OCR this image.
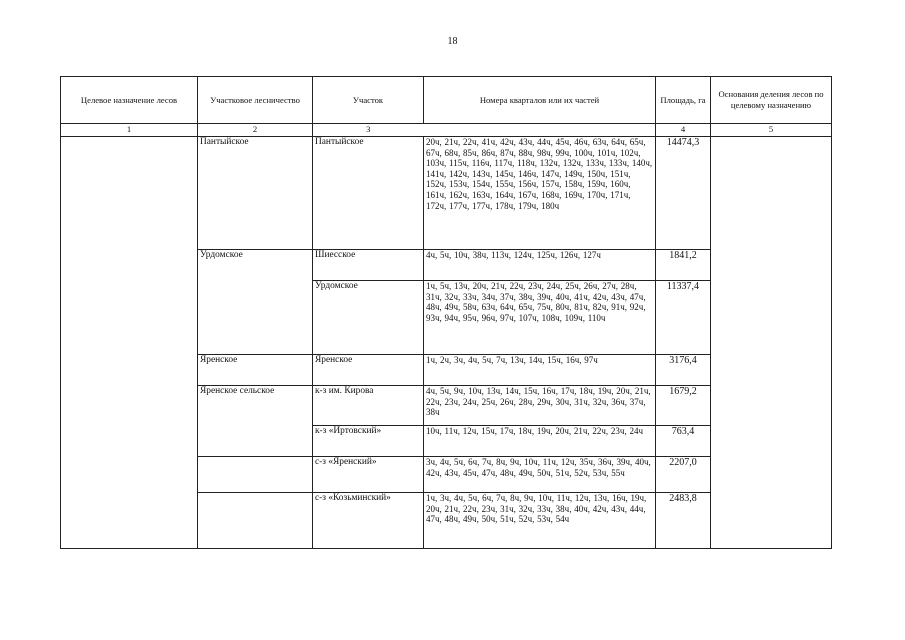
18
Целевое назначение лесов	Участковое лесничество	Участок	Номера кварталов или их частей	Площадь, га	Основания деления лесов по целевому назначению
1	2	3		4	5
	Пантыйское	Пантыйское	20ч, 21ч, 22ч, 41ч, 42ч, 43ч, 44ч, 45ч, 46ч, 63ч, 64ч, 65ч, 67ч, 68ч, 85ч, 86ч, 87ч, 88ч, 98ч, 99ч, 100ч, 101ч, 102ч, 103ч, 115ч, 116ч, 117ч, 118ч, 132ч, 132ч, 133ч, 133ч, 140ч, 141ч, 142ч, 143ч, 145ч, 146ч, 147ч, 149ч, 150ч, 151ч, 152ч, 153ч, 154ч, 155ч, 156ч, 157ч, 158ч, 159ч, 160ч, 161ч, 162ч, 163ч, 164ч, 167ч, 168ч, 169ч, 170ч, 171ч, 172ч, 177ч, 177ч, 178ч, 179ч, 180ч	14474,3	
	Урдомское	Шиесское	4ч, 5ч, 10ч, 38ч, 113ч, 124ч, 125ч, 126ч, 127ч	1841,2	
		Урдомское	1ч, 5ч, 13ч, 20ч, 21ч, 22ч, 23ч, 24ч, 25ч, 26ч, 27ч, 28ч, 31ч, 32ч, 33ч, 34ч, 37ч, 38ч, 39ч, 40ч, 41ч, 42ч, 43ч, 47ч, 48ч, 49ч, 58ч, 63ч, 64ч, 65ч, 75ч, 80ч, 81ч, 82ч, 91ч, 92ч, 93ч, 94ч, 95ч, 96ч, 97ч, 107ч, 108ч, 109ч, 110ч	11337,4	
	Яренское	Яренское	1ч, 2ч, 3ч, 4ч, 5ч, 7ч, 13ч, 14ч, 15ч, 16ч, 97ч	3176,4	
	Яренское сельское	к-з им. Кирова	4ч, 5ч, 9ч, 10ч, 13ч, 14ч, 15ч, 16ч, 17ч, 18ч, 19ч, 20ч, 21ч, 22ч, 23ч, 24ч, 25ч, 26ч, 28ч, 29ч, 30ч, 31ч, 32ч, 36ч, 37ч, 38ч	1679,2	
		к-з «Иртовский»	10ч, 11ч, 12ч, 15ч, 17ч, 18ч, 19ч, 20ч, 21ч, 22ч, 23ч, 24ч	763,4	
		с-з «Яренский»	3ч, 4ч, 5ч, 6ч, 7ч, 8ч, 9ч, 10ч, 11ч, 12ч, 35ч, 36ч, 39ч, 40ч, 42ч, 43ч, 45ч, 47ч, 48ч, 49ч, 50ч, 51ч, 52ч, 53ч, 55ч	2207,0	
		с-з «Козьминский»	1ч, 3ч, 4ч, 5ч, 6ч, 7ч, 8ч, 9ч, 10ч, 11ч, 12ч, 13ч, 16ч, 19ч, 20ч, 21ч, 22ч, 23ч, 31ч, 32ч, 33ч, 38ч, 40ч, 42ч, 43ч, 44ч, 47ч, 48ч, 49ч, 50ч, 51ч, 52ч, 53ч, 54ч	2483,8	
